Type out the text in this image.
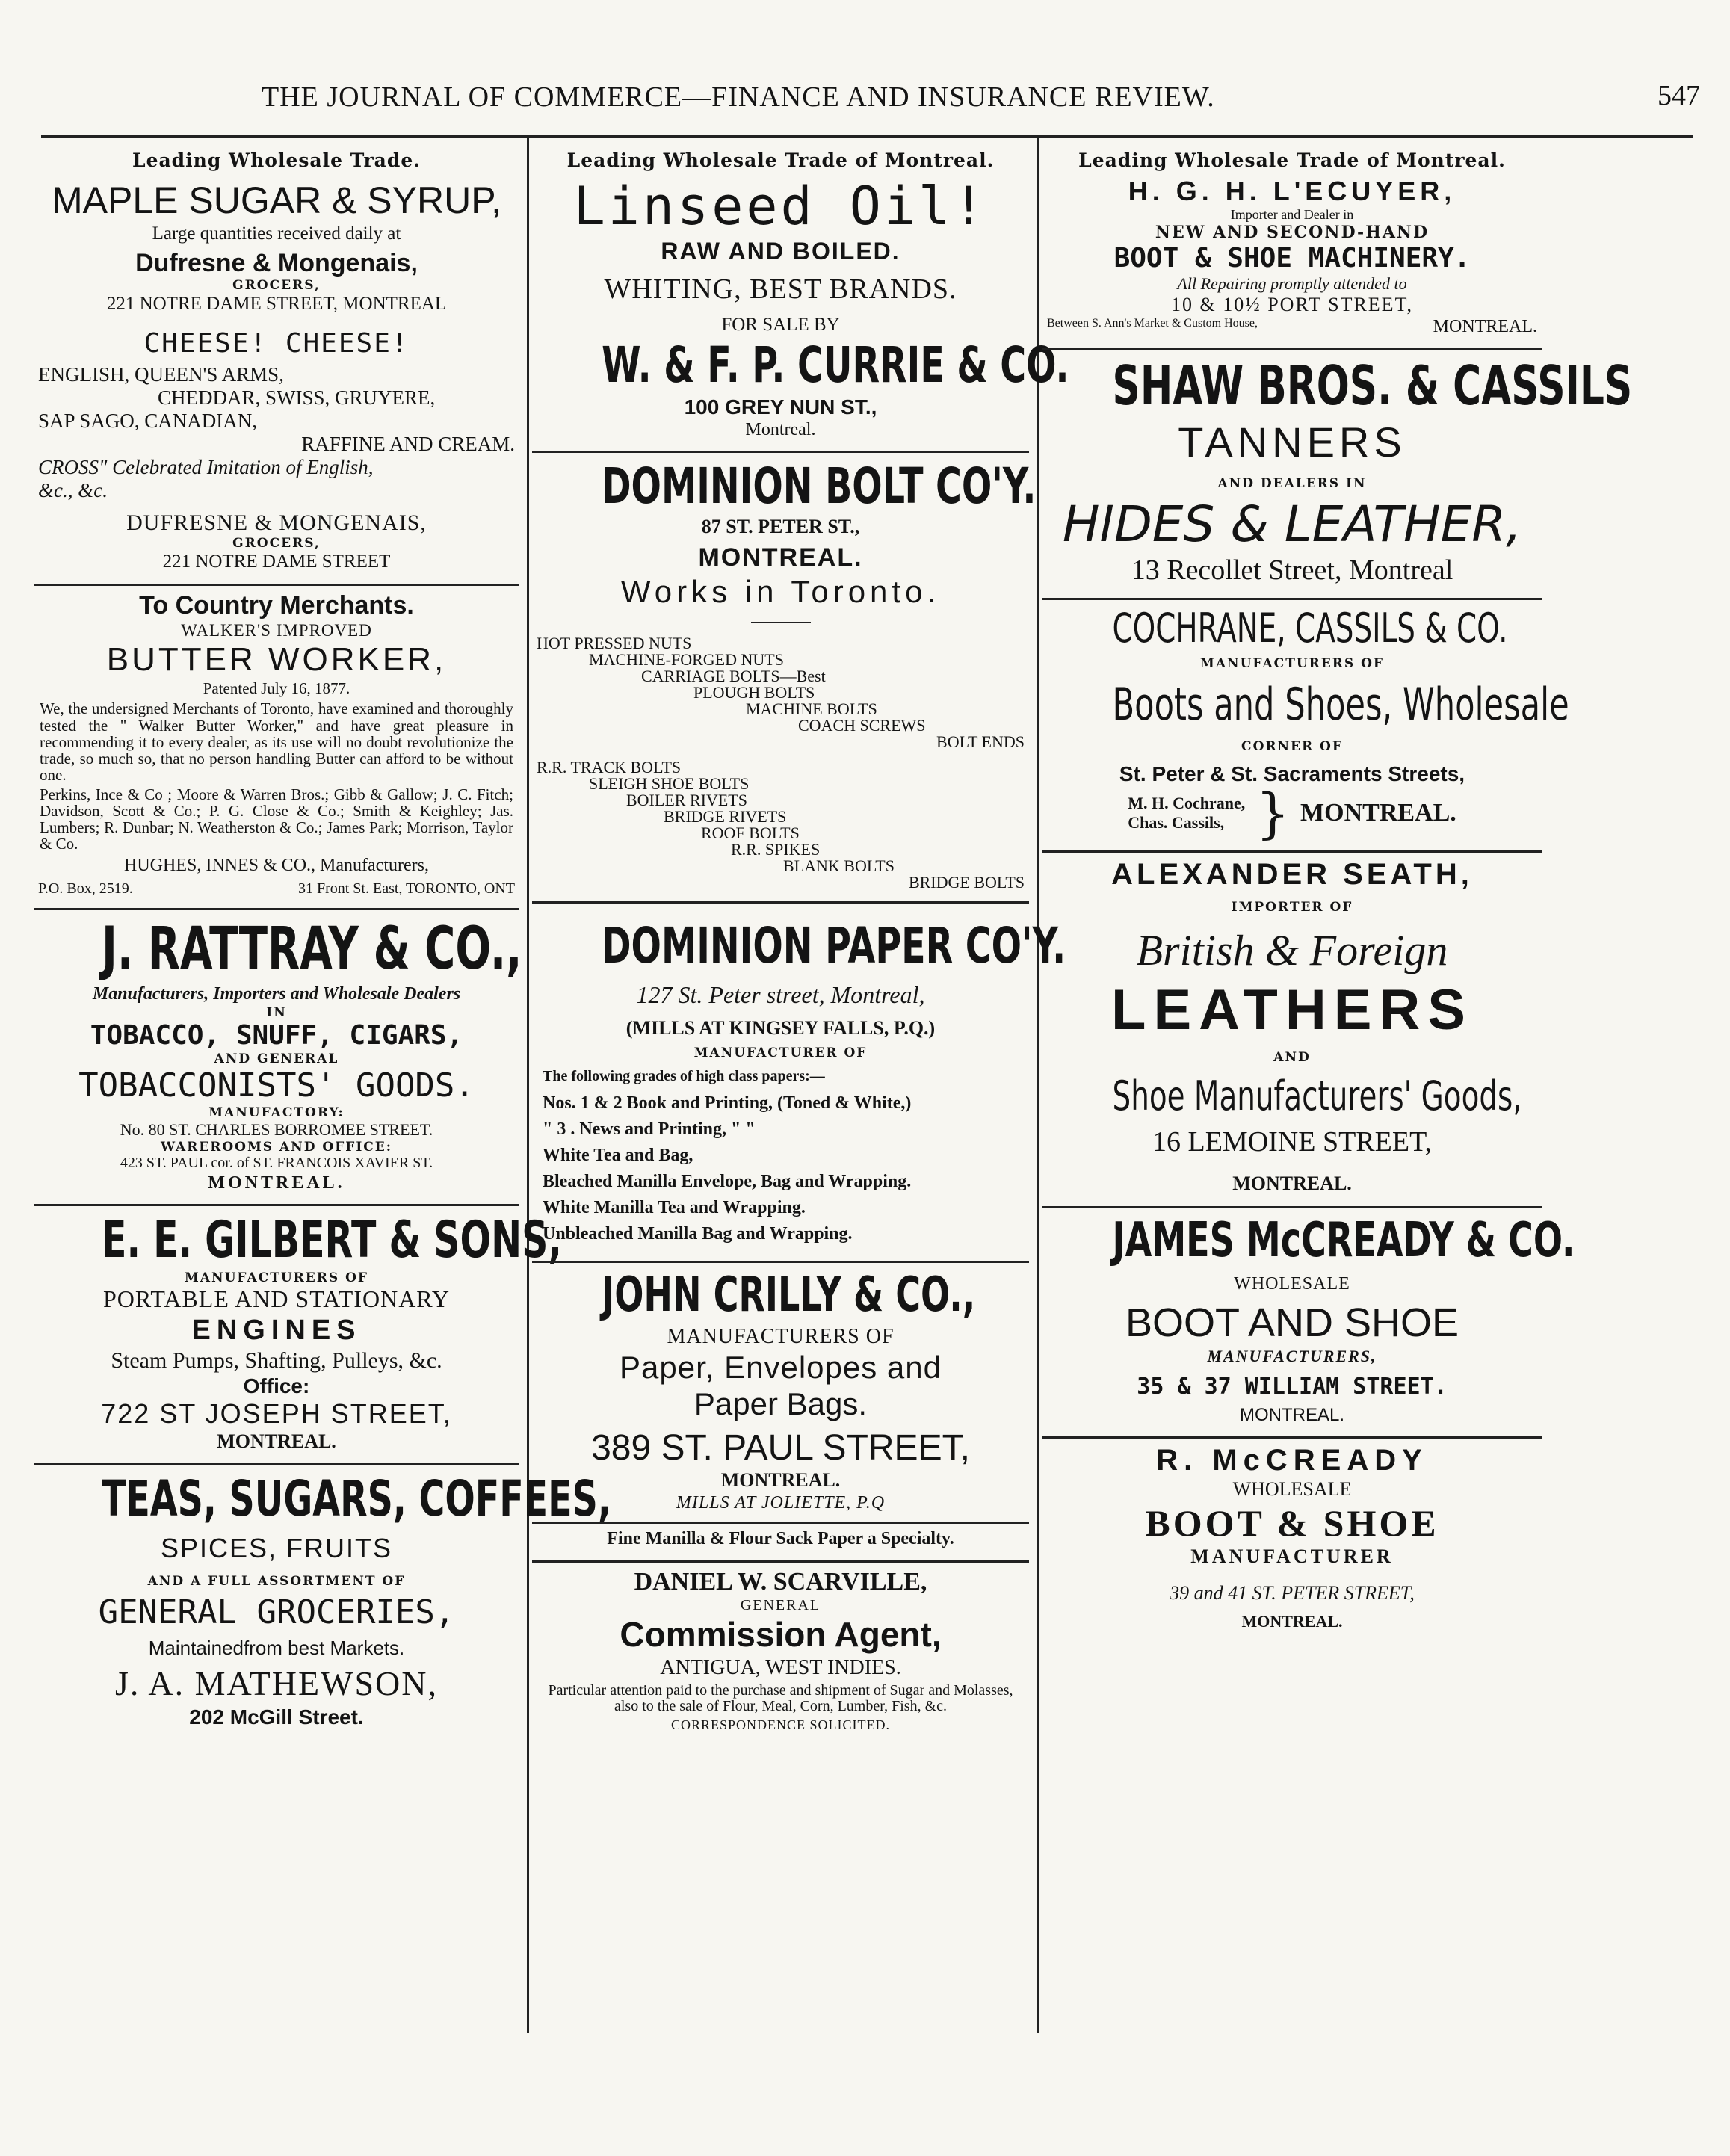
THE JOURNAL OF COMMERCE—FINANCE AND INSURANCE REVIEW.	547
Leading Wholesale Trade.

MAPLE SUGAR & SYRUP,

Large quantities received daily at

Dufresne & Mongenais,

GROCERS,

221 NOTRE DAME STREET, MONTREAL

CHEESE! CHEESE!

ENGLISH, QUEEN'S ARMS,
CHEDDAR, SWISS, GRUYERE,
SAP SAGO, CANADIAN,
RAFFINE AND CREAM.
CROSS" Celebrated Imitation of English,
&c., &c.

DUFRESNE & MONGENAIS,

GROCERS,

221 NOTRE DAME STREET

To Country Merchants.

WALKER'S IMPROVED

BUTTER WORKER,

Patented July 16, 1877.

We, the undersigned Merchants of Toronto, have examined and thoroughly tested the " Walker Butter Worker," and have great pleasure in recommending it to every dealer, as its use will no doubt revolutionize the trade, so much so, that no person handling Butter can afford to be without one.

Perkins, Ince & Co ; Moore & Warren Bros.; Gibb & Gallow; J. C. Fitch; Davidson, Scott & Co.; P. G. Close & Co.; Smith & Keighley; Jas. Lumbers; R. Dunbar; N. Weatherston & Co.; James Park; Morrison, Taylor & Co.

HUGHES, INNES & CO., Manufacturers,

P.O. Box, 2519.	31 Front St. East, TORONTO, ONT

J. RATTRAY & CO.,

Manufacturers, Importers and Wholesale Dealers

IN

TOBACCO, SNUFF, CIGARS,

AND GENERAL

TOBACCONISTS' GOODS.

MANUFACTORY:

No. 80 ST. CHARLES BORROMEE STREET.

WAREROOMS AND OFFICE:

423 ST. PAUL cor. of ST. FRANCOIS XAVIER ST.

MONTREAL.

E. E. GILBERT & SONS,

MANUFACTURERS OF

PORTABLE AND STATIONARY

ENGINES

Steam Pumps, Shafting, Pulleys, &c.

Office:

722 ST JOSEPH STREET,

MONTREAL.

TEAS, SUGARS, COFFEES,

SPICES, FRUITS

AND A FULL ASSORTMENT OF

GENERAL GROCERIES,

Maintainedfrom best Markets.

J. A. MATHEWSON,

202 McGill Street.

Leading Wholesale Trade of Montreal.

Linseed Oil!

RAW AND BOILED.

WHITING, BEST BRANDS.

FOR SALE BY

W. & F. P. CURRIE & CO.

100 GREY NUN ST.,

Montreal.

DOMINION BOLT CO'Y.

87 ST. PETER ST.,

MONTREAL.

Works in Toronto.

HOT PRESSED NUTS
MACHINE-FORGED NUTS
CARRIAGE BOLTS—Best
PLOUGH BOLTS
MACHINE BOLTS
COACH SCREWS
BOLT ENDS
R.R. TRACK BOLTS
SLEIGH SHOE BOLTS
BOILER RIVETS
BRIDGE RIVETS
ROOF BOLTS
R.R. SPIKES
BLANK BOLTS
BRIDGE BOLTS

DOMINION PAPER CO'Y.

127 St. Peter street, Montreal,

(MILLS AT KINGSEY FALLS, P.Q.)

MANUFACTURER OF

The following grades of high class papers:—

Nos. 1 & 2 Book and Printing, (Toned & White,)
" 3 . News and Printing, " "
White Tea and Bag,
Bleached Manilla Envelope, Bag and Wrapping.
White Manilla Tea and Wrapping.
Unbleached Manilla Bag and Wrapping.

JOHN CRILLY & CO.,

MANUFACTURERS OF

Paper, Envelopes and

Paper Bags.

389 ST. PAUL STREET,

MONTREAL.

MILLS AT JOLIETTE, P.Q

Fine Manilla & Flour Sack Paper a Specialty.

DANIEL W. SCARVILLE,

GENERAL

Commission Agent,

ANTIGUA, WEST INDIES.

Particular attention paid to the purchase and shipment of Sugar and Molasses, also to the sale of Flour, Meal, Corn, Lumber, Fish, &c.

CORRESPONDENCE SOLICITED.

Leading Wholesale Trade of Montreal.

H. G. H. L'ECUYER,

Importer and Dealer in

NEW AND SECOND-HAND

BOOT & SHOE MACHINERY.

All Repairing promptly attended to

10 & 10½ PORT STREET,

Between S. Ann's Market & Custom House,	MONTREAL.

SHAW BROS. & CASSILS

TANNERS

AND DEALERS IN

HIDES & LEATHER,

13 Recollet Street, Montreal

COCHRANE, CASSILS & CO.

MANUFACTURERS OF

Boots and Shoes, Wholesale

CORNER OF

St. Peter & St. Sacraments Streets,

M. H. Cochrane,
Chas. Cassils, } MONTREAL.

ALEXANDER SEATH,

IMPORTER OF

British & Foreign

LEATHERS

AND

Shoe Manufacturers' Goods,

16 LEMOINE STREET,

MONTREAL.

JAMES McCREADY & CO.

WHOLESALE

BOOT AND SHOE

MANUFACTURERS,

35 & 37 WILLIAM STREET.

MONTREAL.

R. McCREADY

WHOLESALE

BOOT & SHOE

MANUFACTURER

39 and 41 ST. PETER STREET,

MONTREAL.
